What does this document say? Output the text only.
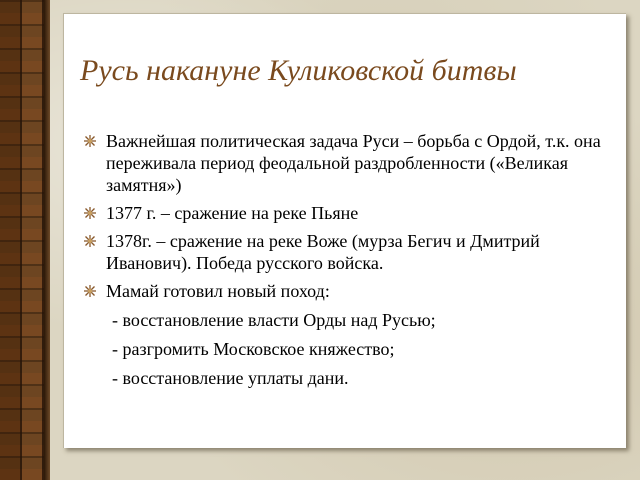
Русь накануне Куликовской битвы
Важнейшая политическая задача Руси – борьба с Ордой, т.к. она переживала период феодальной раздробленности («Великая замятня»)
1377 г. – сражение на реке Пьяне
1378г. – сражение на реке Воже (мурза Бегич и Дмитрий Иванович). Победа русского войска.
Мамай готовил новый поход:
- восстановление власти Орды над Русью;
- разгромить Московское княжество;
- восстановление уплаты дани.
